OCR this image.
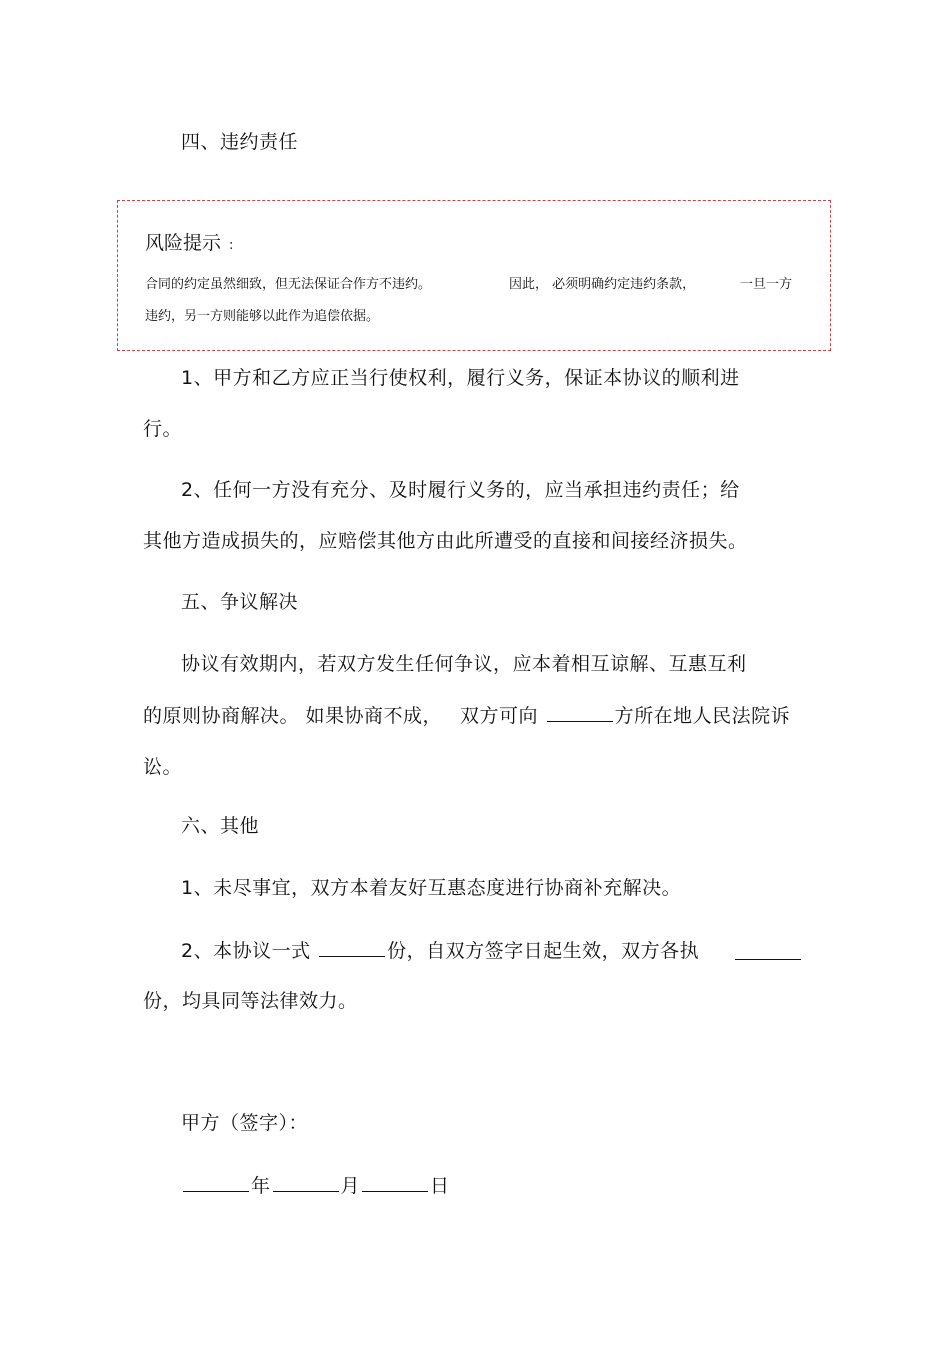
四、违约责任
风险提示 :
合同的约定虽然细致，但无法保证合作方不违约。	因此， 必须明确约定违约条款，	一旦一方
违约，另一方则能够以此作为追偿依据。
1、甲方和乙方应正当行使权利，履行义务，保证本协议的顺利进
行。
2、任何一方没有充分、及时履行义务的，应当承担违约责任；给
其他方造成损失的，应赔偿其他方由此所遭受的直接和间接经济损失。
五、争议解决
协议有效期内，若双方发生任何争议，应本着相互谅解、互惠互利
的原则协商解决。 如果协商不成， 双方可向	方所在地人民法院诉
讼。
六、其他
1、未尽事宜，双方本着友好互惠态度进行协商补充解决。
2、本协议一式	份，自双方签字日起生效，双方各执
份，均具同等法律效力。
甲方（签字）：
年	月	日
